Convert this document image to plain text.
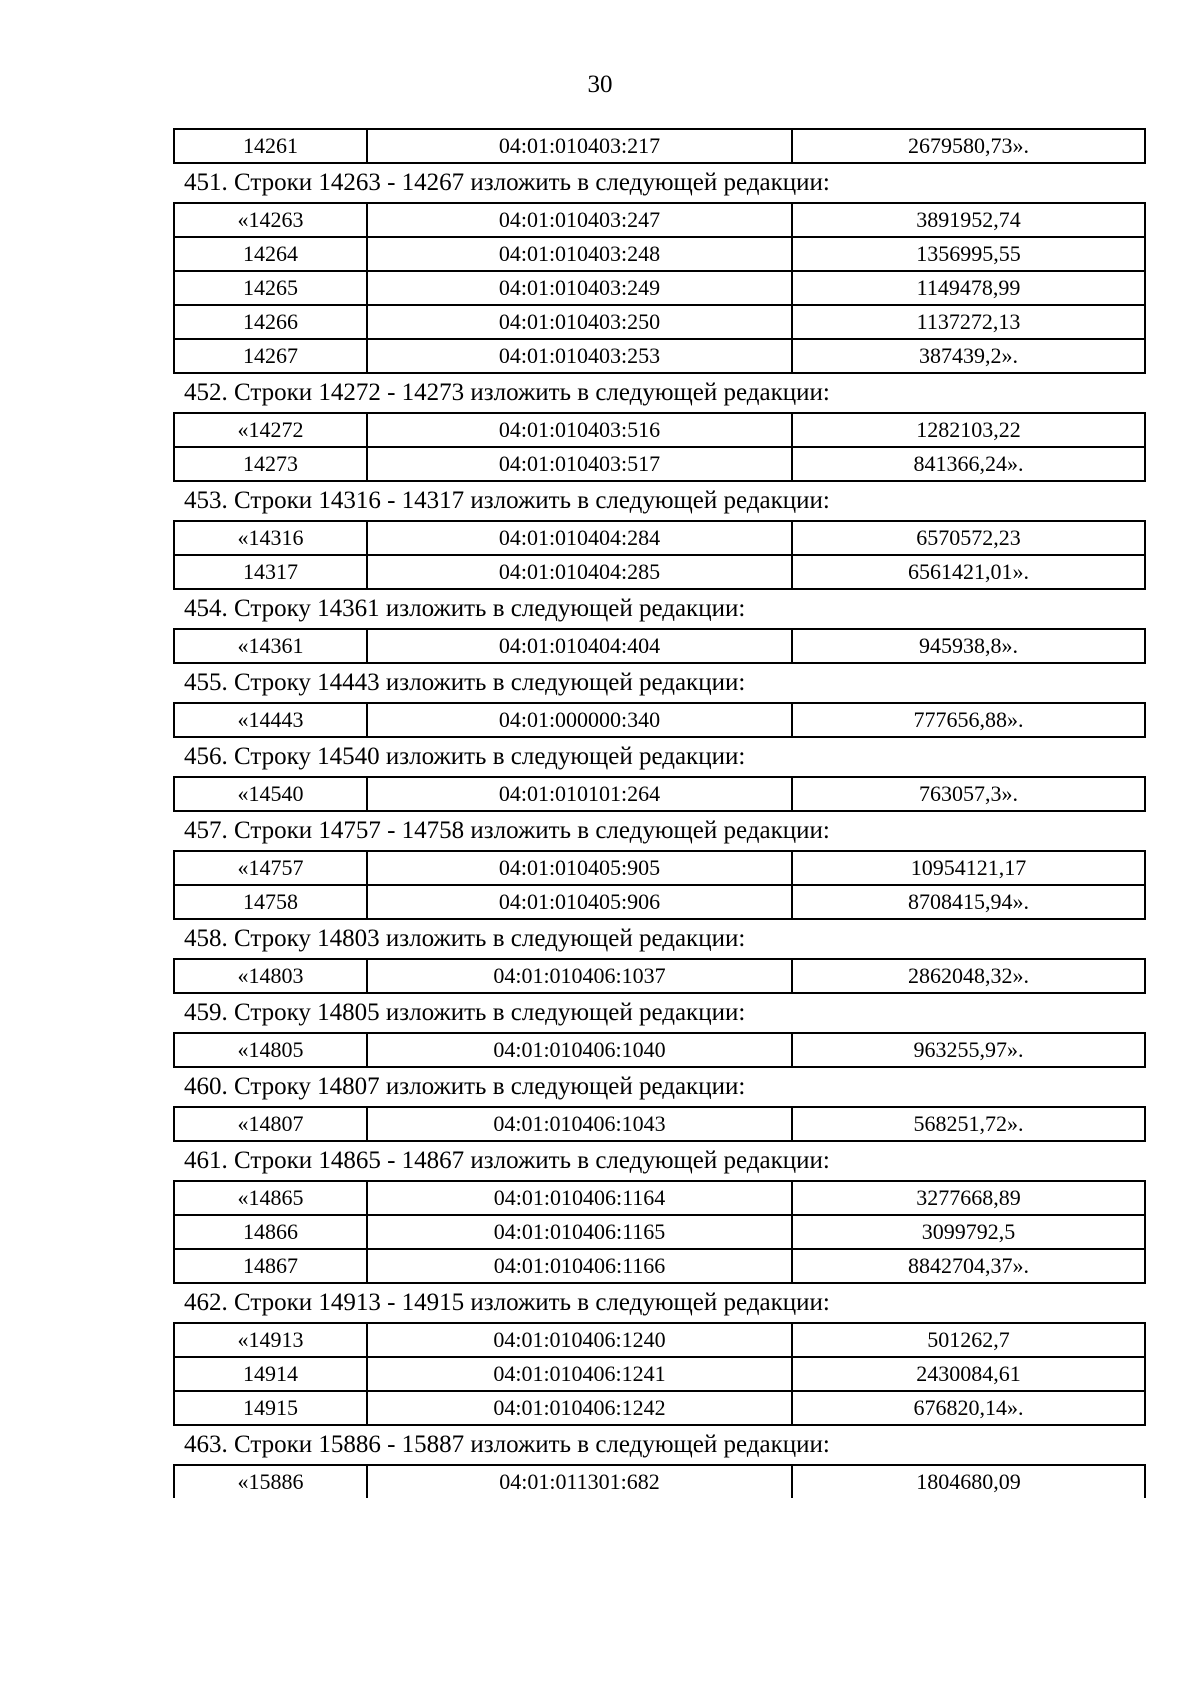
30
14261	04:01:010403:217	2679580,73».
451. Строки 14263 - 14267 изложить в следующей редакции:
«14263	04:01:010403:247	3891952,74
14264	04:01:010403:248	1356995,55
14265	04:01:010403:249	1149478,99
14266	04:01:010403:250	1137272,13
14267	04:01:010403:253	387439,2».
452. Строки 14272 - 14273 изложить в следующей редакции:
«14272	04:01:010403:516	1282103,22
14273	04:01:010403:517	841366,24».
453. Строки 14316 - 14317 изложить в следующей редакции:
«14316	04:01:010404:284	6570572,23
14317	04:01:010404:285	6561421,01».
454. Строку 14361 изложить в следующей редакции:
«14361	04:01:010404:404	945938,8».
455. Строку 14443 изложить в следующей редакции:
«14443	04:01:000000:340	777656,88».
456. Строку 14540 изложить в следующей редакции:
«14540	04:01:010101:264	763057,3».
457. Строки 14757 - 14758 изложить в следующей редакции:
«14757	04:01:010405:905	10954121,17
14758	04:01:010405:906	8708415,94».
458. Строку 14803 изложить в следующей редакции:
«14803	04:01:010406:1037	2862048,32».
459. Строку 14805 изложить в следующей редакции:
«14805	04:01:010406:1040	963255,97».
460. Строку 14807 изложить в следующей редакции:
«14807	04:01:010406:1043	568251,72».
461. Строки 14865 - 14867 изложить в следующей редакции:
«14865	04:01:010406:1164	3277668,89
14866	04:01:010406:1165	3099792,5
14867	04:01:010406:1166	8842704,37».
462. Строки 14913 - 14915 изложить в следующей редакции:
«14913	04:01:010406:1240	501262,7
14914	04:01:010406:1241	2430084,61
14915	04:01:010406:1242	676820,14».
463. Строки 15886 - 15887 изложить в следующей редакции:
«15886	04:01:011301:682	1804680,09
